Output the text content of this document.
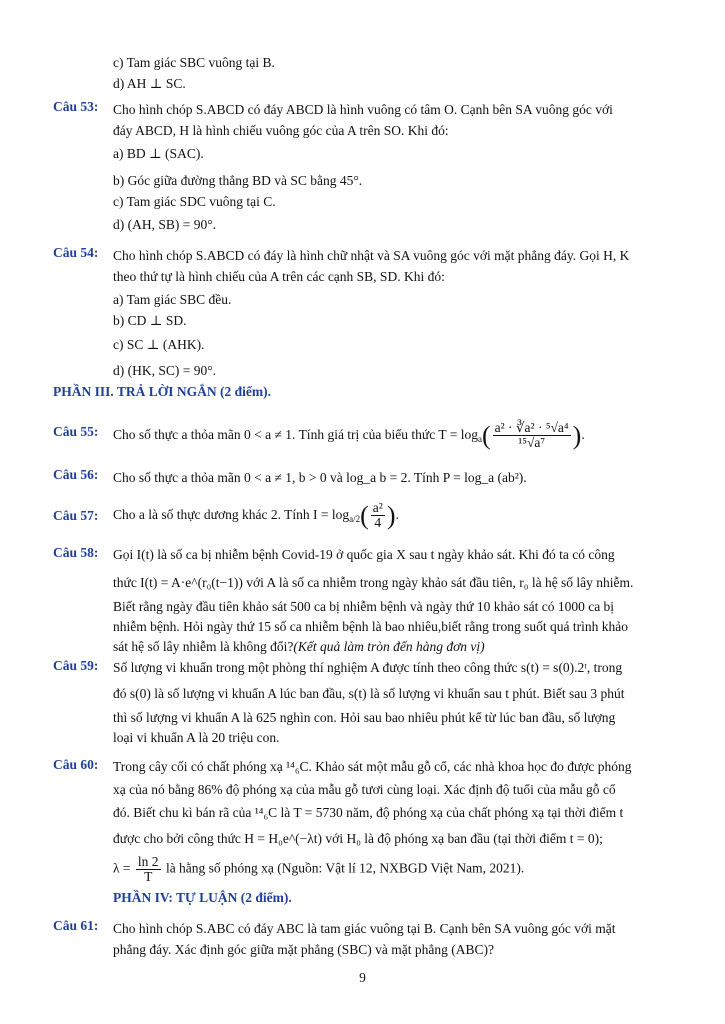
c) Tam giác SBC vuông tại B.
d) AH ⊥ SC.
Câu 53: Cho hình chóp S.ABCD có đáy ABCD là hình vuông có tâm O. Cạnh bên SA vuông góc với
đáy ABCD, H là hình chiếu vuông góc của A trên SO. Khi đó:
a) BD ⊥ (SAC).
b) Góc giữa đường thẳng BD và SC bằng 45°.
c) Tam giác SDC vuông tại C.
d) (AH, SB) = 90°.
Câu 54: Cho hình chóp S.ABCD có đáy là hình chữ nhật và SA vuông góc với mặt phẳng đáy. Gọi H, K
theo thứ tự là hình chiếu của A trên các cạnh SB, SD. Khi đó:
a) Tam giác SBC đều.
b) CD ⊥ SD.
c) SC ⊥ (AHK).
d) (HK, SC) = 90°.
PHẦN III. TRẢ LỜI NGẮN (2 điểm).
Câu 55: Cho số thực a thỏa mãn 0 < a ≠ 1. Tính giá trị của biểu thức $T = \log_a( \frac{\text{a² · ∛a² · ⁵√a⁴}}{\text{¹⁵√a⁷}}$ ).
Câu 56: Cho số thực a thỏa mãn 0 < a ≠ 1, b > 0 và log_a b = 2. Tính P = log_a (ab²).
Câu 57: Cho a là số thực dương khác 2. Tính $I = \log_{a/2}( \frac{\text{a²}}{4}$ ).
Câu 58: Gọi I(t) là số ca bị nhiễm bệnh Covid-19 ở quốc gia X sau t ngày khảo sát. Khi đó ta có công
thức I(t) = A·e^(r₀(t−1)) với A là số ca nhiễm trong ngày khảo sát đầu tiên, r₀ là hệ số lây nhiễm.
Biết rằng ngày đầu tiên khảo sát 500 ca bị nhiễm bệnh và ngày thứ 10 khảo sát có 1000 ca bị
nhiễm bệnh. Hỏi ngày thứ 15 số ca nhiễm bệnh là bao nhiêu,biết rằng trong suốt quá trình khảo
sát hệ số lây nhiễm là không đổi?(Kết quả làm tròn đến hàng đơn vị)
Câu 59: Số lượng vi khuẩn trong một phòng thí nghiệm A được tính theo công thức s(t) = s(0).2ᵗ, trong
đó s(0) là số lượng vi khuẩn A lúc ban đầu, s(t) là số lượng vi khuẩn sau t phút. Biết sau 3 phút
thì số lượng vi khuẩn A là 625 nghìn con. Hỏi sau bao nhiêu phút kể từ lúc ban đầu, số lượng
loại vi khuẩn A là 20 triệu con.
Câu 60: Trong cây cối có chất phóng xạ ¹⁴₆C. Khảo sát một mẫu gỗ cổ, các nhà khoa học đo được phóng
xạ của nó bằng 86% độ phóng xạ của mẫu gỗ tươi cùng loại. Xác định độ tuổi của mẫu gỗ cổ
đó. Biết chu kì bán rã của ¹⁴₆C là T = 5730 năm, độ phóng xạ của chất phóng xạ tại thời điểm t
được cho bởi công thức H = H₀e^(−λt) với H₀ là độ phóng xạ ban đầu (tại thời điểm t = 0);
$\lambda = \frac{\ln 2}{T}$ là hằng số phóng xạ (Nguồn: Vật lí 12, NXBGD Việt Nam, 2021).
PHẦN IV: TỰ LUẬN (2 điểm).
Câu 61: Cho hình chóp S.ABC có đáy ABC là tam giác vuông tại B. Cạnh bên SA vuông góc với mặt
phẳng đáy. Xác định góc giữa mặt phẳng (SBC) và mặt phẳng (ABC)?
9
